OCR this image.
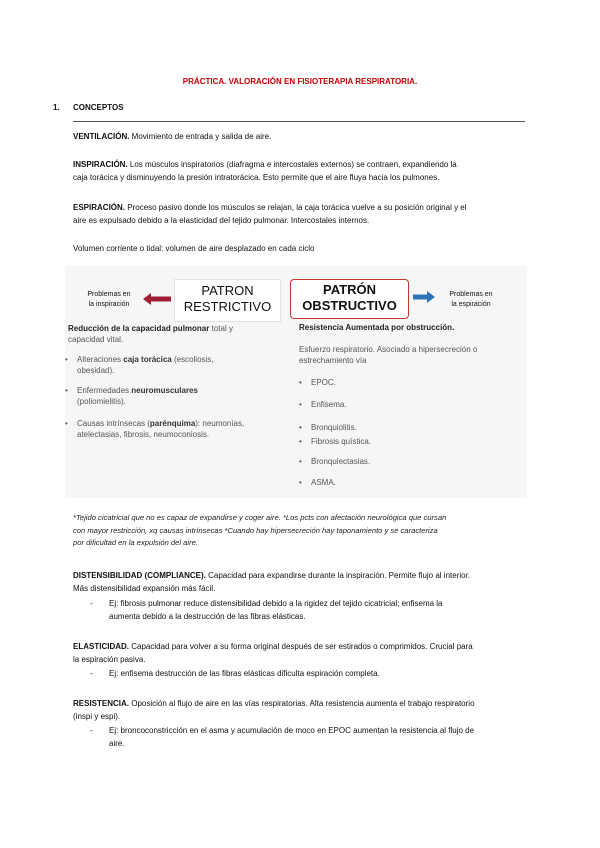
PRÁCTICA. VALORACIÓN EN FISIOTERAPIA RESPIRATORIA.
1. CONCEPTOS
VENTILACIÓN. Movimiento de entrada y salida de aire.
INSPIRACIÓN. Los músculos inspiratorios (diafragma e intercostales externos) se contraen, expandiendo la
caja torácica y disminuyendo la presión intratorácica. Esto permite que el aire fluya hacia los pulmones.
ESPIRACIÓN. Proceso pasivo donde los músculos se relajan, la caja torácica vuelve a su posición original y el
aire es expulsado debido a la elasticidad del tejido pulmonar. Intercostales internos.
Volumen corriente o tidal: volumen de aire desplazado en cada ciclo
Problemas en
la inspiración
PATRON
RESTRICTIVO
PATRÓN
OBSTRUCTIVO
Problemas en
la espiración
Reducción de la capacidad pulmonar total y
capacidad vital.
• Alteraciones caja torácica (escoliosis,
obesidad).
• Enfermedades neuromusculares
(poliomielitis).
• Causas intrínsecas (parénquima): neumonías,
atelectasias, fibrosis, neumoconiosis.
Resistencia Aumentada por obstrucción.
Esfuerzo respiratorio. Asociado a hipersecreción o
estrechamiento vía
• EPOC.
• Enfisema.
• Bronquiolitis.
• Fibrosis quística.
• Bronquiectasias.
• ASMA.
*Tejido cicatricial que no es capaz de expandirse y coger aire. *Los pcts con afectación neurológica que cursan
con mayor restricción, xq causas intrínsecas *Cuando hay hipersecreción hay taponamiento y se caracteriza
por dificultad en la expulsión del aire.
DISTENSIBILIDAD (COMPLIANCE). Capacidad para expandirse durante la inspiración. Permite flujo al interior.
Más distensibilidad expansión más fácil.
- Ej: fibrosis pulmonar reduce distensibilidad debido a la rigidez del tejido cicatricial; enfisema la
aumenta debido a la destrucción de las fibras elásticas.
ELASTICIDAD. Capacidad para volver a su forma original después de ser estirados o comprimidos. Crucial para
la espiración pasiva.
- Ej: enfisema destrucción de las fibras elásticas dificulta espiración completa.
RESISTENCIA. Oposición al flujo de aire en las vías respiratorias. Alta resistencia aumenta el trabajo respiratorio
(inspi y espi).
- Ej: broncoconstricción en el asma y acumulación de moco en EPOC aumentan la resistencia al flujo de
aire.
